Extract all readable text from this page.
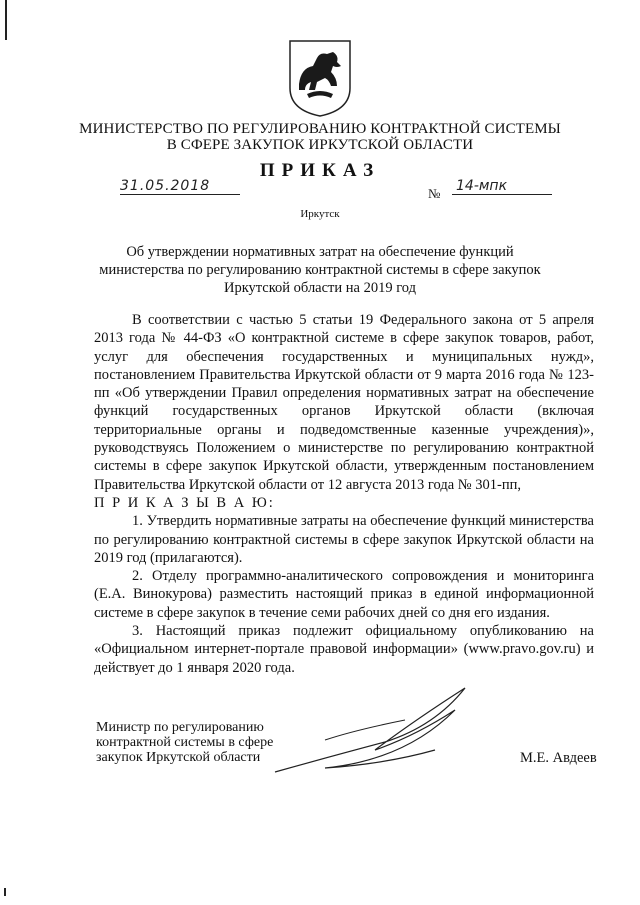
МИНИСТЕРСТВО ПО РЕГУЛИРОВАНИЮ КОНТРАКТНОЙ СИСТЕМЫ
В СФЕРЕ ЗАКУПОК ИРКУТСКОЙ ОБЛАСТИ
ПРИКАЗ
31.05.2018	№ 14-мпк
Иркутск
Об утверждении нормативных затрат на обеспечение функций
министерства по регулированию контрактной системы в сфере закупок
Иркутской области на 2019 год

В соответствии с частью 5 статьи 19 Федерального закона от 5 апреля 2013 года № 44-ФЗ «О контрактной системе в сфере закупок товаров, работ, услуг для обеспечения государственных и муниципальных нужд», постановлением Правительства Иркутской области от 9 марта 2016 года № 123-пп «Об утверждении Правил определения нормативных затрат на обеспечение функций государственных органов Иркутской области (включая территориальные органы и подведомственные казенные учреждения)», руководствуясь Положением о министерстве по регулированию контрактной системы в сфере закупок Иркутской области, утвержденным постановлением Правительства Иркутской области от 12 августа 2013 года № 301-пп,

П Р И К А З Ы В А Ю:

1. Утвердить нормативные затраты на обеспечение функций министерства по регулированию контрактной системы в сфере закупок Иркутской области на 2019 год (прилагаются).

2. Отделу программно-аналитического сопровождения и мониторинга (Е.А. Винокурова) разместить настоящий приказ в единой информационной системе в сфере закупок в течение семи рабочих дней со дня его издания.

3. Настоящий приказ подлежит официальному опубликованию на «Официальном интернет-портале правовой информации» (www.pravo.gov.ru) и действует до 1 января 2020 года.

Министр по регулированию
контрактной системы в сфере
закупок Иркутской области	М.Е. Авдеев
